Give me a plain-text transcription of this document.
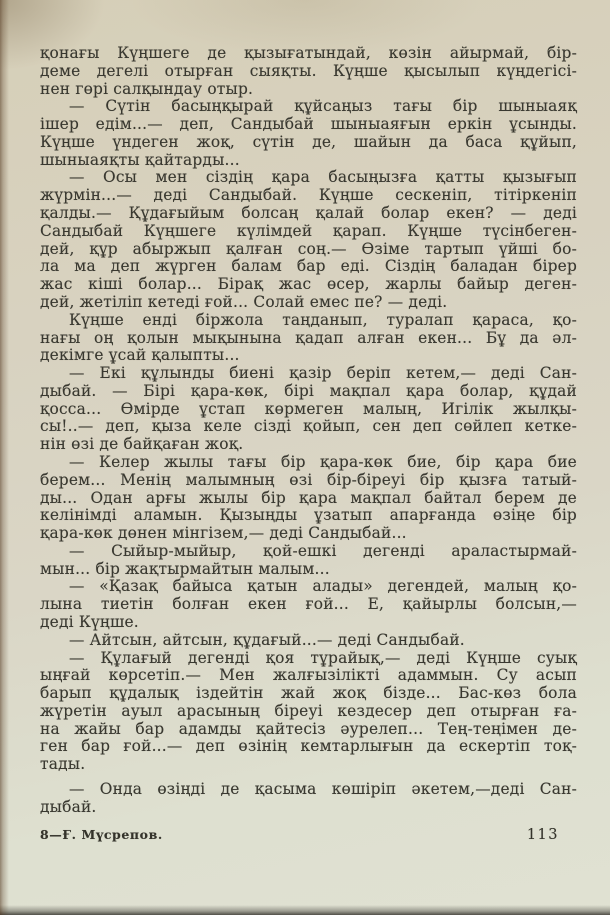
қонағы Күңшеге де қызығатындай, көзін айырмай, бір-
деме дегелі отырған сыяқты. Күңше қысылып күңдегісі-
нен гөрі салқындау отыр.
— Сүтін басыңқырай құйсаңыз тағы бір шыныаяқ
ішер едім...— деп, Сандыбай шыныаяғын еркін ұсынды.
Күңше үндеген жоқ, сүтін де, шайын да баса құйып,
шыныаяқты қайтарды...
— Осы мен сіздің қара басыңызға қатты қызығып
жүрмін...— деді Сандыбай. Күңше сескеніп, тітіркеніп
қалды.— Құдағыйым болсаң қалай болар екен? — деді
Сандыбай Күңшеге күлімдей қарап. Күңше түсінбеген-
дей, құр абыржып қалған соң.— Өзіме тартып үйші бо-
ла ма деп жүрген балам бар еді. Сіздің баладан бірер
жас кіші болар... Бірақ жас өсер, жарлы байыр деген-
дей, жетіліп кетеді ғой... Солай емес пе? — деді.
Күңше енді біржола таңданып, туралап қараса, қо-
нағы оң қолын мықынына қадап алған екен... Бұ да әл-
декімге ұсай қалыпты...
— Екі құлынды биені қазір беріп кетем,— деді Сан-
дыбай. — Бірі қара-көк, бірі мақпал қара болар, құдай
қосса... Өмірде ұстап көрмеген малың, Игілік жылқы-
сы!..— деп, қыза келе сізді қойып, сен деп сөйлеп кетке-
нін өзі де байқаған жоқ.
— Келер жылы тағы бір қара-көк бие, бір қара бие
берем... Менің малымның өзі бір-біреуі бір қызға татый-
ды... Одан арғы жылы бір қара мақпал байтал берем де
келінімді аламын. Қызыңды ұзатып апарғанда өзіңе бір
қара-көк дөнен мінгізем,— деді Сандыбай...
— Сыйыр-мыйыр, қой-ешкі дегенді араластырмай-
мын... бір жақтырмайтын малым...
— «Қазақ байыса қатын алады» дегендей, малың қо-
лына тиетін болған екен ғой... Е, қайырлы болсын,—
деді Күңше.
— Айтсын, айтсын, құдағый...— деді Сандыбай.
— Құлағый дегенді қоя тұрайық,— деді Күңше суық
ыңғай көрсетіп.— Мен жалғызілікті адаммын. Су асып
барып құдалық іздейтін жай жоқ бізде... Бас-көз бола
жүретін ауыл арасының біреуі кездесер деп отырған ға-
на жайы бар адамды қайтесіз әурелеп... Тең-теңімен де-
ген бар ғой...— деп өзінің кемтарлығын да ескертіп тоқ-
тады.
— Онда өзіңді де қасыма көшіріп әкетем,—деді Сан-
дыбай.
8—Ғ. Мүсрепов.	113
